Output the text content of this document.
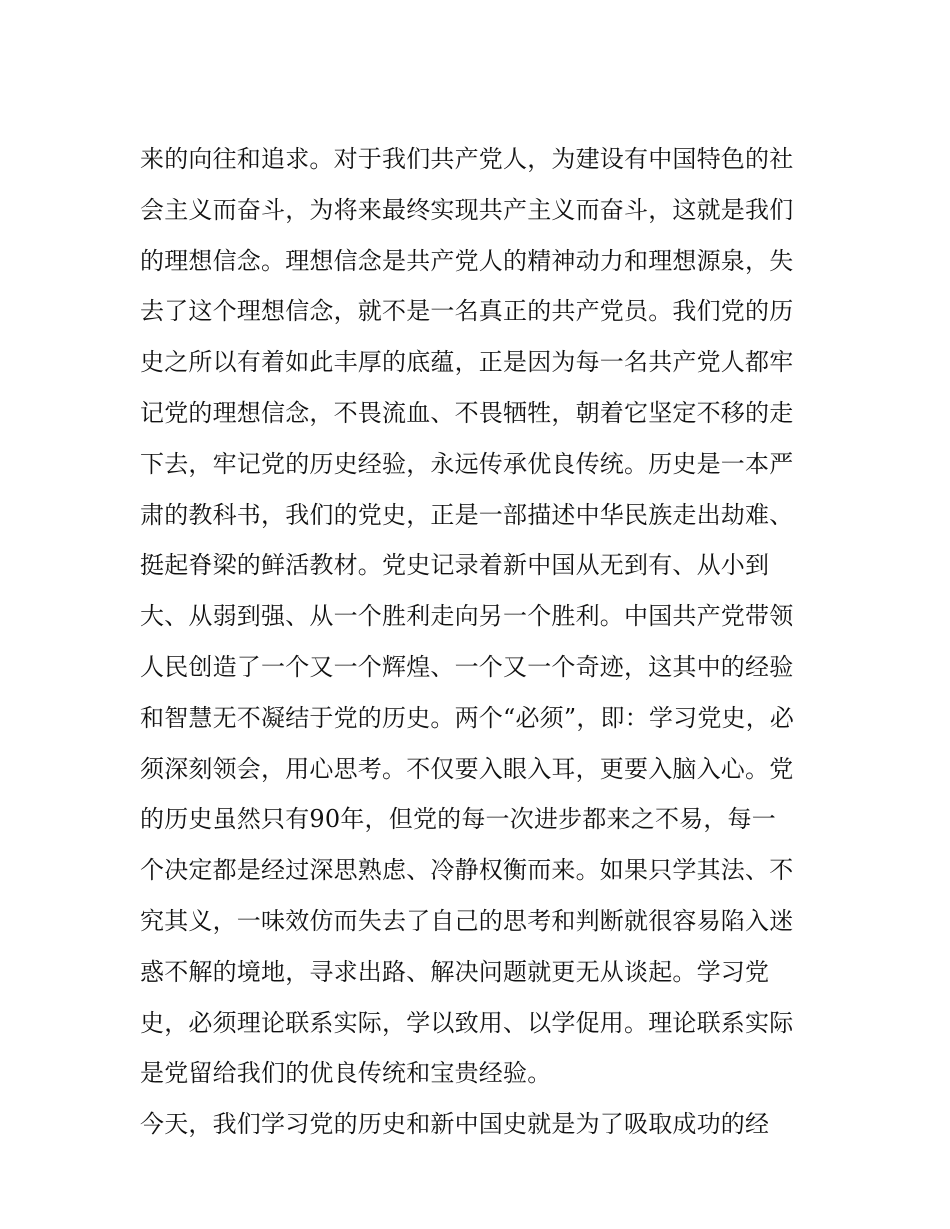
来的向往和追求。对于我们共产党人，为建设有中国特色的社
会主义而奋斗，为将来最终实现共产主义而奋斗，这就是我们
的理想信念。理想信念是共产党人的精神动力和理想源泉，失
去了这个理想信念，就不是一名真正的共产党员。我们党的历
史之所以有着如此丰厚的底蕴，正是因为每一名共产党人都牢
记党的理想信念，不畏流血、不畏牺牲，朝着它坚定不移的走
下去，牢记党的历史经验，永远传承优良传统。历史是一本严
肃的教科书，我们的党史，正是一部描述中华民族走出劫难、
挺起脊梁的鲜活教材。党史记录着新中国从无到有、从小到
大、从弱到强、从一个胜利走向另一个胜利。中国共产党带领
人民创造了一个又一个辉煌、一个又一个奇迹，这其中的经验
和智慧无不凝结于党的历史。两个“必须”，即：学习党史，必
须深刻领会，用心思考。不仅要入眼入耳，更要入脑入心。党
的历史虽然只有90年，但党的每一次进步都来之不易，每一
个决定都是经过深思熟虑、冷静权衡而来。如果只学其法、不
究其义，一味效仿而失去了自己的思考和判断就很容易陷入迷
惑不解的境地，寻求出路、解决问题就更无从谈起。学习党
史，必须理论联系实际，学以致用、以学促用。理论联系实际
是党留给我们的优良传统和宝贵经验。
今天，我们学习党的历史和新中国史就是为了吸取成功的经
